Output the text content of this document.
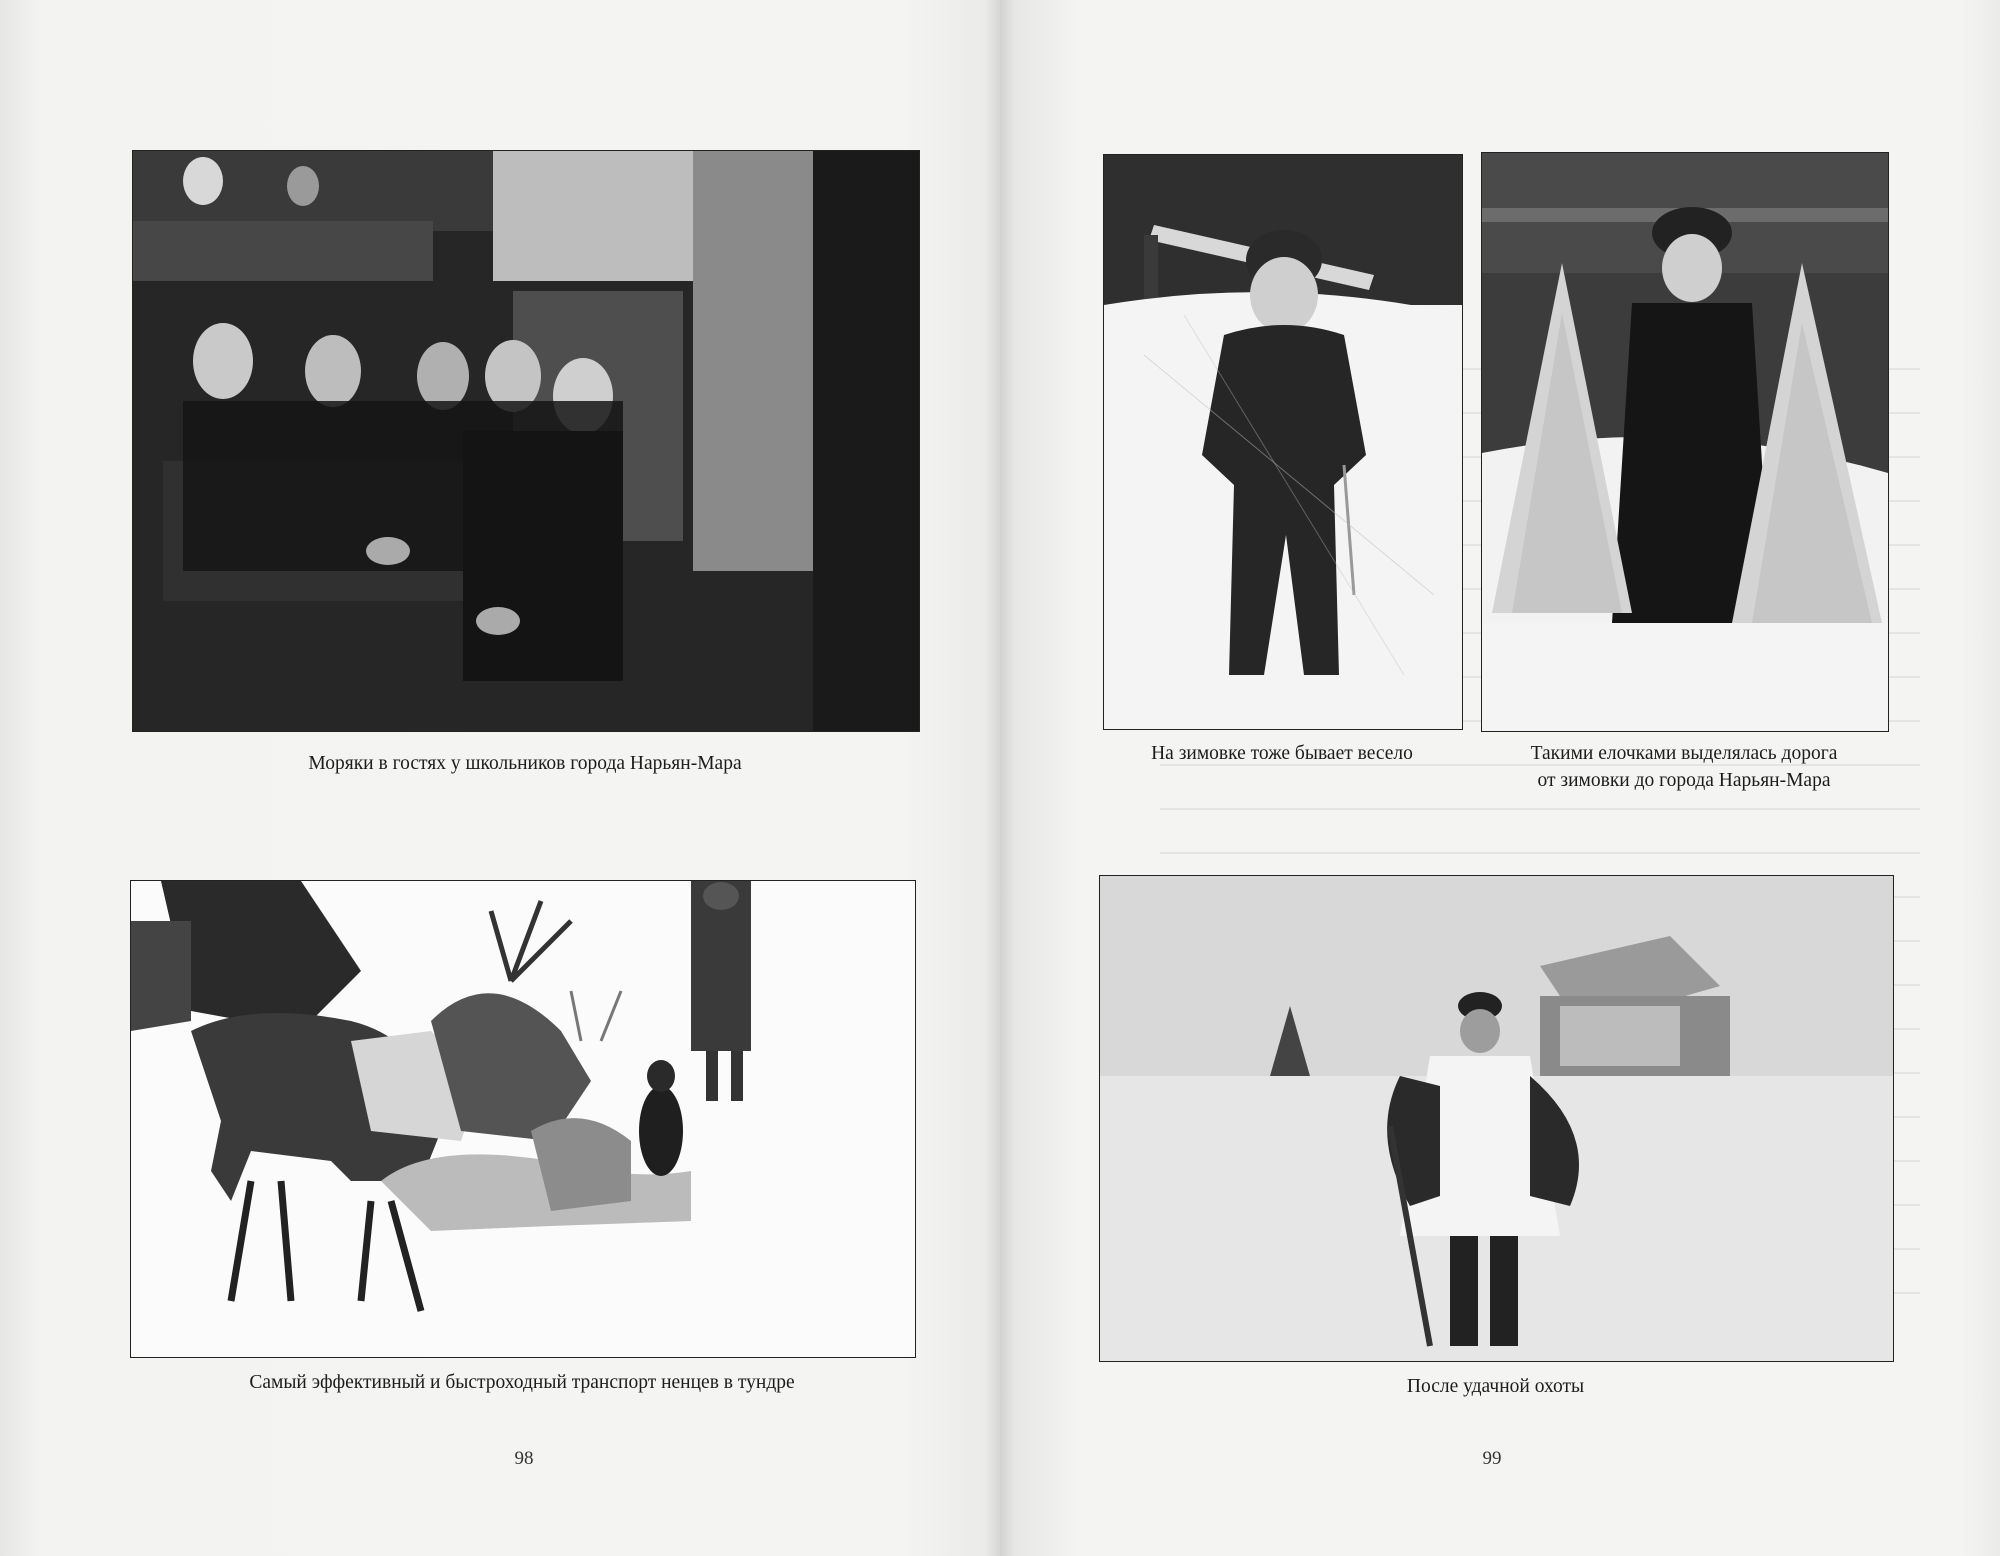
Моряки в гостях у школьников города Нарьян-Мара	На зимовке тоже бывает весело	Такими елочками выделялась дорога
от зимовки до города Нарьян-Мара
Самый эффективный и быстроходный транспорт ненцев в тундре	После удачной охоты
98	99
